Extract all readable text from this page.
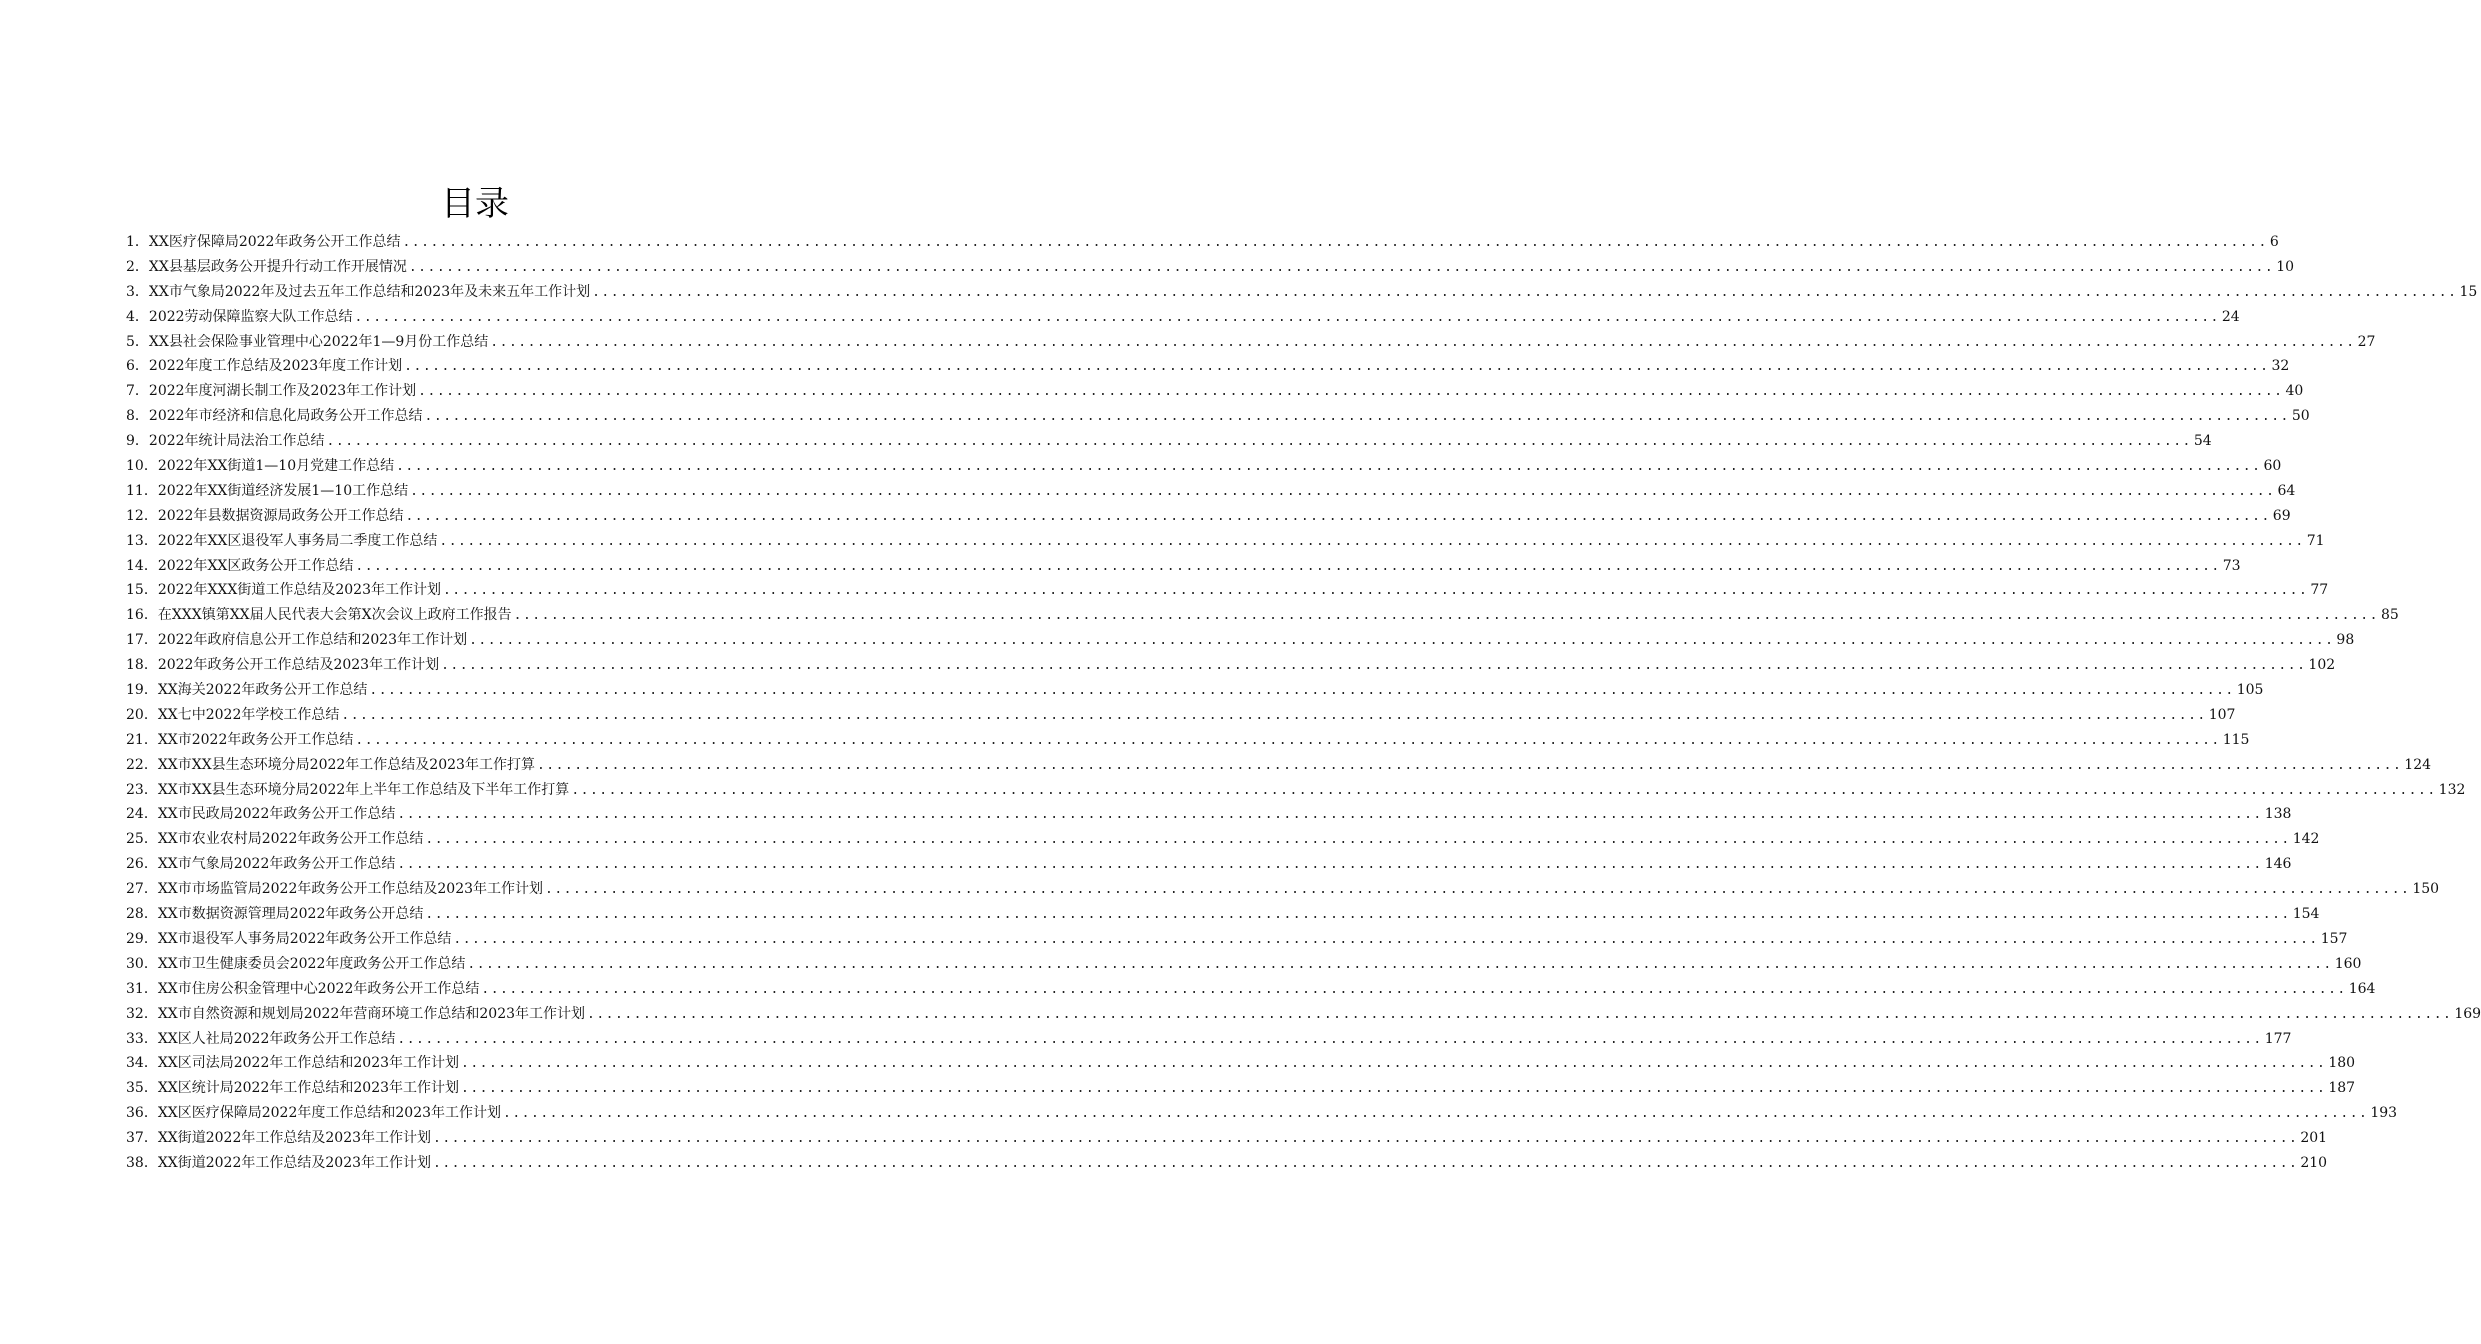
目录
1．XX医疗保障局2022年政务公开工作总结 ........................................................................................................................................................................................................ 6
2．XX县基层政务公开提升行动工作开展情况 ........................................................................................................................................................................................................ 10
3．XX市气象局2022年及过去五年工作总结和2023年及未来五年工作计划 ........................................................................................................................................................................................................ 15
4．2022劳动保障监察大队工作总结 ........................................................................................................................................................................................................ 24
5．XX县社会保险事业管理中心2022年1—9月份工作总结 ........................................................................................................................................................................................................ 27
6．2022年度工作总结及2023年度工作计划 ........................................................................................................................................................................................................ 32
7．2022年度河湖长制工作及2023年工作计划 ........................................................................................................................................................................................................ 40
8．2022年市经济和信息化局政务公开工作总结 ........................................................................................................................................................................................................ 50
9．2022年统计局法治工作总结 ........................................................................................................................................................................................................ 54
10．2022年XX街道1—10月党建工作总结 ........................................................................................................................................................................................................ 60
11．2022年XX街道经济发展1—10工作总结 ........................................................................................................................................................................................................ 64
12．2022年县数据资源局政务公开工作总结 ........................................................................................................................................................................................................ 69
13．2022年XX区退役军人事务局二季度工作总结 ........................................................................................................................................................................................................ 71
14．2022年XX区政务公开工作总结 ........................................................................................................................................................................................................ 73
15．2022年XXX街道工作总结及2023年工作计划 ........................................................................................................................................................................................................ 77
16．在XXX镇第XX届人民代表大会第X次会议上政府工作报告 ........................................................................................................................................................................................................ 85
17．2022年政府信息公开工作总结和2023年工作计划 ........................................................................................................................................................................................................ 98
18．2022年政务公开工作总结及2023年工作计划 ........................................................................................................................................................................................................ 102
19．XX海关2022年政务公开工作总结 ........................................................................................................................................................................................................ 105
20．XX七中2022年学校工作总结 ........................................................................................................................................................................................................ 107
21．XX市2022年政务公开工作总结 ........................................................................................................................................................................................................ 115
22．XX市XX县生态环境分局2022年工作总结及2023年工作打算 ........................................................................................................................................................................................................ 124
23．XX市XX县生态环境分局2022年上半年工作总结及下半年工作打算 ........................................................................................................................................................................................................ 132
24．XX市民政局2022年政务公开工作总结 ........................................................................................................................................................................................................ 138
25．XX市农业农村局2022年政务公开工作总结 ........................................................................................................................................................................................................ 142
26．XX市气象局2022年政务公开工作总结 ........................................................................................................................................................................................................ 146
27．XX市市场监管局2022年政务公开工作总结及2023年工作计划 ........................................................................................................................................................................................................ 150
28．XX市数据资源管理局2022年政务公开总结 ........................................................................................................................................................................................................ 154
29．XX市退役军人事务局2022年政务公开工作总结 ........................................................................................................................................................................................................ 157
30．XX市卫生健康委员会2022年度政务公开工作总结 ........................................................................................................................................................................................................ 160
31．XX市住房公积金管理中心2022年政务公开工作总结 ........................................................................................................................................................................................................ 164
32．XX市自然资源和规划局2022年营商环境工作总结和2023年工作计划 ........................................................................................................................................................................................................ 169
33．XX区人社局2022年政务公开工作总结 ........................................................................................................................................................................................................ 177
34．XX区司法局2022年工作总结和2023年工作计划 ........................................................................................................................................................................................................ 180
35．XX区统计局2022年工作总结和2023年工作计划 ........................................................................................................................................................................................................ 187
36．XX区医疗保障局2022年度工作总结和2023年工作计划 ........................................................................................................................................................................................................ 193
37．XX街道2022年工作总结及2023年工作计划 ........................................................................................................................................................................................................ 201
38．XX街道2022年工作总结及2023年工作计划 ........................................................................................................................................................................................................ 210
